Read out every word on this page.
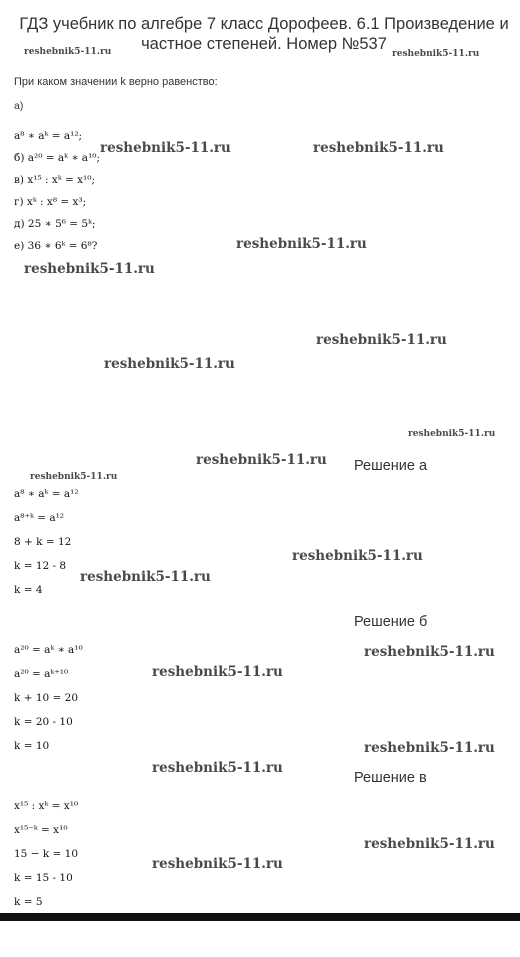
ГДЗ учебник по алгебре 7 класс Дорофеев. 6.1 Произведение и частное степеней. Номер №537
reshebnik5-11.ru	reshebnik5-11.ru
reshebnik5-11.ru	reshebnik5-11.ru
reshebnik5-11.ru
reshebnik5-11.ru
reshebnik5-11.ru
reshebnik5-11.ru
reshebnik5-11.ru
reshebnik5-11.ru
reshebnik5-11.ru
reshebnik5-11.ru
reshebnik5-11.ru
reshebnik5-11.ru
reshebnik5-11.ru
reshebnik5-11.ru
reshebnik5-11.ru
reshebnik5-11.ru
reshebnik5-11.ru
При каком значении k верно равенство:
а)
a⁸ ∗ aᵏ = a¹²;
б) a²⁰ = aᵏ ∗ a¹⁰;
в) x¹⁵ : xᵏ = x¹⁰;
г) xᵏ : x⁸ = x³;
д) 25 ∗ 5⁶ = 5ᵏ;
е) 36 ∗ 6ᵏ = 6⁸?
Решение а
a⁸ ∗ aᵏ = a¹²
a⁸⁺ᵏ = a¹²
8 + k = 12
k = 12 - 8
k = 4
Решение б
a²⁰ = aᵏ ∗ a¹⁰
a²⁰ = aᵏ⁺¹⁰
k + 10 = 20
k = 20 - 10
k = 10
Решение в
x¹⁵ : xᵏ = x¹⁰
x¹⁵⁻ᵏ = x¹⁰
15 − k = 10
k = 15 - 10
k = 5
